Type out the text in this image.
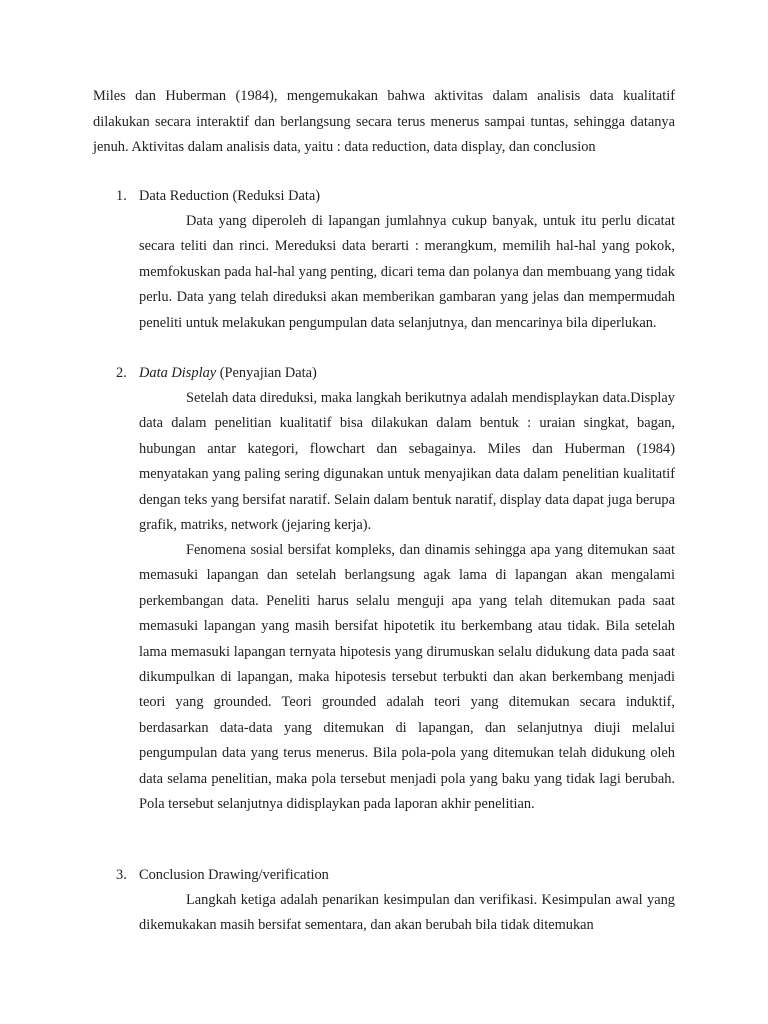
Miles dan Huberman (1984), mengemukakan bahwa aktivitas dalam analisis data kualitatif dilakukan secara interaktif dan berlangsung secara terus menerus sampai tuntas, sehingga datanya jenuh. Aktivitas dalam analisis data, yaitu : data reduction, data display, dan conclusion

1. Data Reduction (Reduksi Data)

Data yang diperoleh di lapangan jumlahnya cukup banyak, untuk itu perlu dicatat secara teliti dan rinci. Mereduksi data berarti : merangkum, memilih hal-hal yang pokok, memfokuskan pada hal-hal yang penting, dicari tema dan polanya dan membuang yang tidak perlu. Data yang telah direduksi akan memberikan gambaran yang jelas dan mempermudah peneliti untuk melakukan pengumpulan data selanjutnya, dan mencarinya bila diperlukan.

2. Data Display (Penyajian Data)

Setelah data direduksi, maka langkah berikutnya adalah mendisplaykan data.Display data dalam penelitian kualitatif bisa dilakukan dalam bentuk : uraian singkat, bagan, hubungan antar kategori, flowchart dan sebagainya. Miles dan Huberman (1984) menyatakan yang paling sering digunakan untuk menyajikan data dalam penelitian kualitatif dengan teks yang bersifat naratif. Selain dalam bentuk naratif, display data dapat juga berupa grafik, matriks, network (jejaring kerja).

Fenomena sosial bersifat kompleks, dan dinamis sehingga apa yang ditemukan saat memasuki lapangan dan setelah berlangsung agak lama di lapangan akan mengalami perkembangan data. Peneliti harus selalu menguji apa yang telah ditemukan pada saat memasuki lapangan yang masih bersifat hipotetik itu berkembang atau tidak. Bila setelah lama memasuki lapangan ternyata hipotesis yang dirumuskan selalu didukung data pada saat dikumpulkan di lapangan, maka hipotesis tersebut terbukti dan akan berkembang menjadi teori yang grounded. Teori grounded adalah teori yang ditemukan secara induktif, berdasarkan data-data yang ditemukan di lapangan, dan selanjutnya diuji melalui pengumpulan data yang terus menerus. Bila pola-pola yang ditemukan telah didukung oleh data selama penelitian, maka pola tersebut menjadi pola yang baku yang tidak lagi berubah. Pola tersebut selanjutnya didisplaykan pada laporan akhir penelitian.

3. Conclusion Drawing/verification

Langkah ketiga adalah penarikan kesimpulan dan verifikasi. Kesimpulan awal yang dikemukakan masih bersifat sementara, dan akan berubah bila tidak ditemukan
